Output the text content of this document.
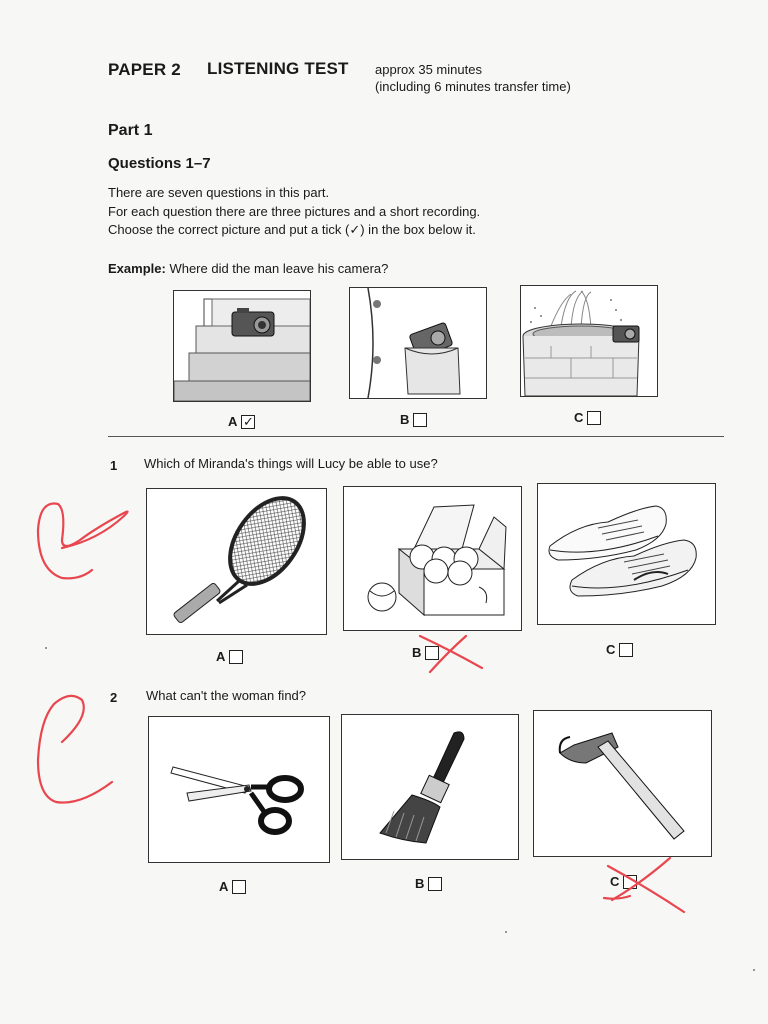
PAPER 2 LISTENING TEST approx 35 minutes
(including 6 minutes transfer time)
Part 1
Questions 1–7
There are seven questions in this part.
For each question there are three pictures and a short recording.
Choose the correct picture and put a tick (✓) in the box below it.
Example: Where did the man leave his camera?
A ✓	B	C
1 Which of Miranda's things will Lucy be able to use?
A	B	C
2 What can't the woman find?
A	B	C
